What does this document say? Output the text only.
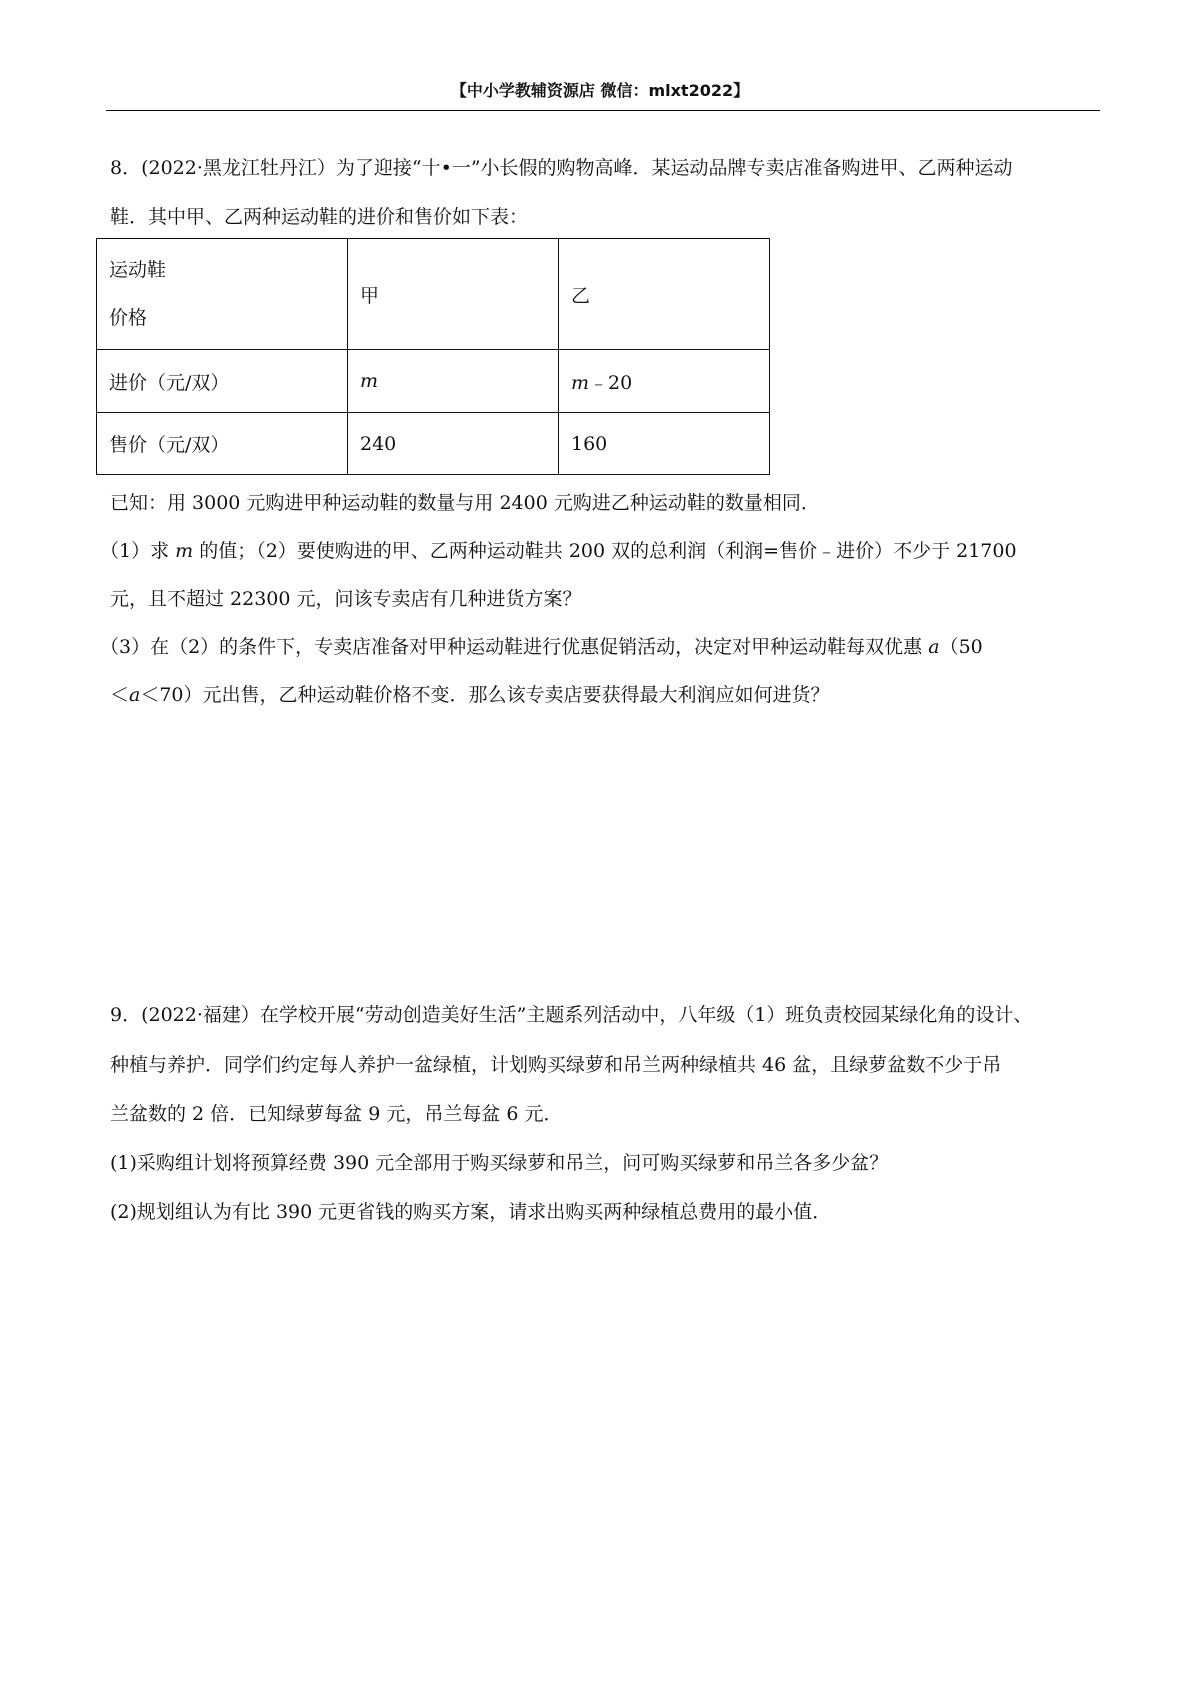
【中小学教辅资源店 微信：mlxt2022】
8．(2022·黑龙江牡丹江）为了迎接“十•一”小长假的购物高峰．某运动品牌专卖店准备购进甲、乙两种运动
鞋．其中甲、乙两种运动鞋的进价和售价如下表：
运动鞋
价格	甲	乙
进价（元/双）	m	m﹣20
售价（元/双）	240	160
已知：用 3000 元购进甲种运动鞋的数量与用 2400 元购进乙种运动鞋的数量相同．
（1）求 m 的值；（2）要使购进的甲、乙两种运动鞋共 200 双的总利润（利润=售价﹣进价）不少于 21700
元，且不超过 22300 元，问该专卖店有几种进货方案？
（3）在（2）的条件下，专卖店准备对甲种运动鞋进行优惠促销活动，决定对甲种运动鞋每双优惠 a（50
＜a＜70）元出售，乙种运动鞋价格不变．那么该专卖店要获得最大利润应如何进货？
9．(2022·福建）在学校开展“劳动创造美好生活”主题系列活动中，八年级（1）班负责校园某绿化角的设计、
种植与养护．同学们约定每人养护一盆绿植，计划购买绿萝和吊兰两种绿植共 46 盆，且绿萝盆数不少于吊
兰盆数的 2 倍．已知绿萝每盆 9 元，吊兰每盆 6 元．
(1)采购组计划将预算经费 390 元全部用于购买绿萝和吊兰，问可购买绿萝和吊兰各多少盆？
(2)规划组认为有比 390 元更省钱的购买方案，请求出购买两种绿植总费用的最小值．
